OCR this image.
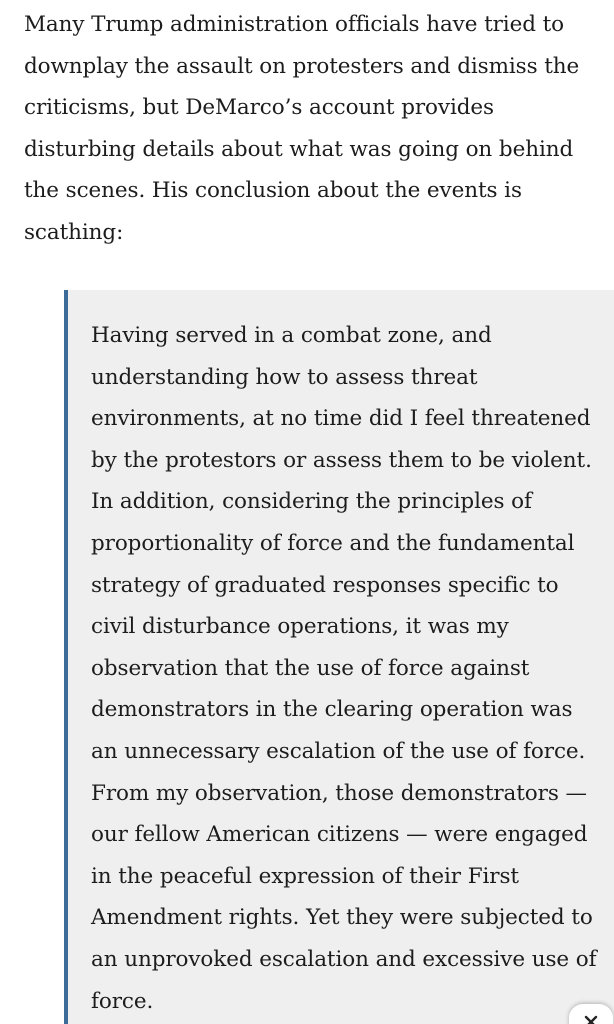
Many Trump administration officials have tried to
downplay the assault on protesters and dismiss the
criticisms, but DeMarco’s account provides
disturbing details about what was going on behind
the scenes. His conclusion about the events is
scathing:

Having served in a combat zone, and
understanding how to assess threat
environments, at no time did I feel threatened
by the protestors or assess them to be violent.
In addition, considering the principles of
proportionality of force and the fundamental
strategy of graduated responses specific to
civil disturbance operations, it was my
observation that the use of force against
demonstrators in the clearing operation was
an unnecessary escalation of the use of force.
From my observation, those demonstrators —
our fellow American citizens — were engaged
in the peaceful expression of their First
Amendment rights. Yet they were subjected to
an unprovoked escalation and excessive use of
force.
